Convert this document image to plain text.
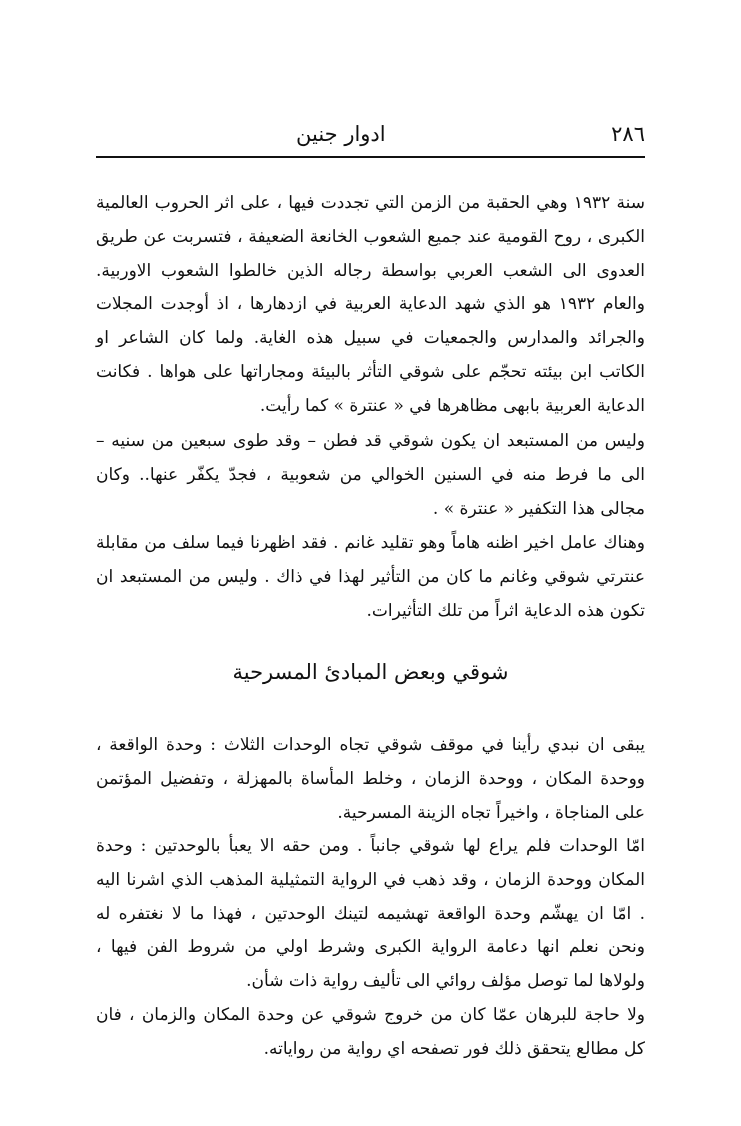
٢٨٦
ادوار جنين

سنة ١٩٣٢ وهي الحقبة من الزمن التي تجددت فيها ، على اثر الحروب العالمية الكبرى ، روح القومية عند جميع الشعوب الخانعة الضعيفة ، فتسربت عن طريق العدوى الى الشعب العربي بواسطة رجاله الذين خالطوا الشعوب الاوربية. والعام ١٩٣٢ هو الذي شهد الدعاية العربية في ازدهارها ، اذ أوجدت المجلات والجرائد والمدارس والجمعيات في سبيل هذه الغاية. ولما كان الشاعر او الكاتب ابن بيئته تحجّم على شوقي التأثر بالبيئة ومجاراتها على هواها . فكانت الدعاية العربية بابهى مظاهرها في « عنترة » كما رأيت.

وليس من المستبعد ان يكون شوقي قد فطن – وقد طوى سبعين من سنيه – الى ما فرط منه في السنين الخوالي من شعوبية ، فجدّ يكفّر عنها.. وكان مجالى هذا التكفير « عنترة » .

وهناك عامل اخير اظنه هاماً وهو تقليد غانم . فقد اظهرنا فيما سلف من مقابلة عنترتي شوقي وغانم ما كان من التأثير لهذا في ذاك . وليس من المستبعد ان تكون هذه الدعاية اثراً من تلك التأثيرات.

شوقي وبعض المبادئ المسرحية

يبقى ان نبدي رأينا في موقف شوقي تجاه الوحدات الثلاث : وحدة الواقعة ، ووحدة المكان ، ووحدة الزمان ، وخلط المأساة بالمهزلة ، وتفضيل المؤتمن على المناجاة ، واخيراً تجاه الزينة المسرحية.

امّا الوحدات فلم يراع لها شوقي جانباً . ومن حقه الا يعبأ بالوحدتين : وحدة المكان ووحدة الزمان ، وقد ذهب في الرواية التمثيلية المذهب الذي اشرنا اليه . امّا ان يهشّم وحدة الواقعة تهشيمه لتينك الوحدتين ، فهذا ما لا نغتفره له ونحن نعلم انها دعامة الرواية الكبرى وشرط اولي من شروط الفن فيها ، ولولاها لما توصل مؤلف روائي الى تأليف رواية ذات شأن.

ولا حاجة للبرهان عمّا كان من خروج شوقي عن وحدة المكان والزمان ، فان كل مطالع يتحقق ذلك فور تصفحه اي رواية من رواياته.
